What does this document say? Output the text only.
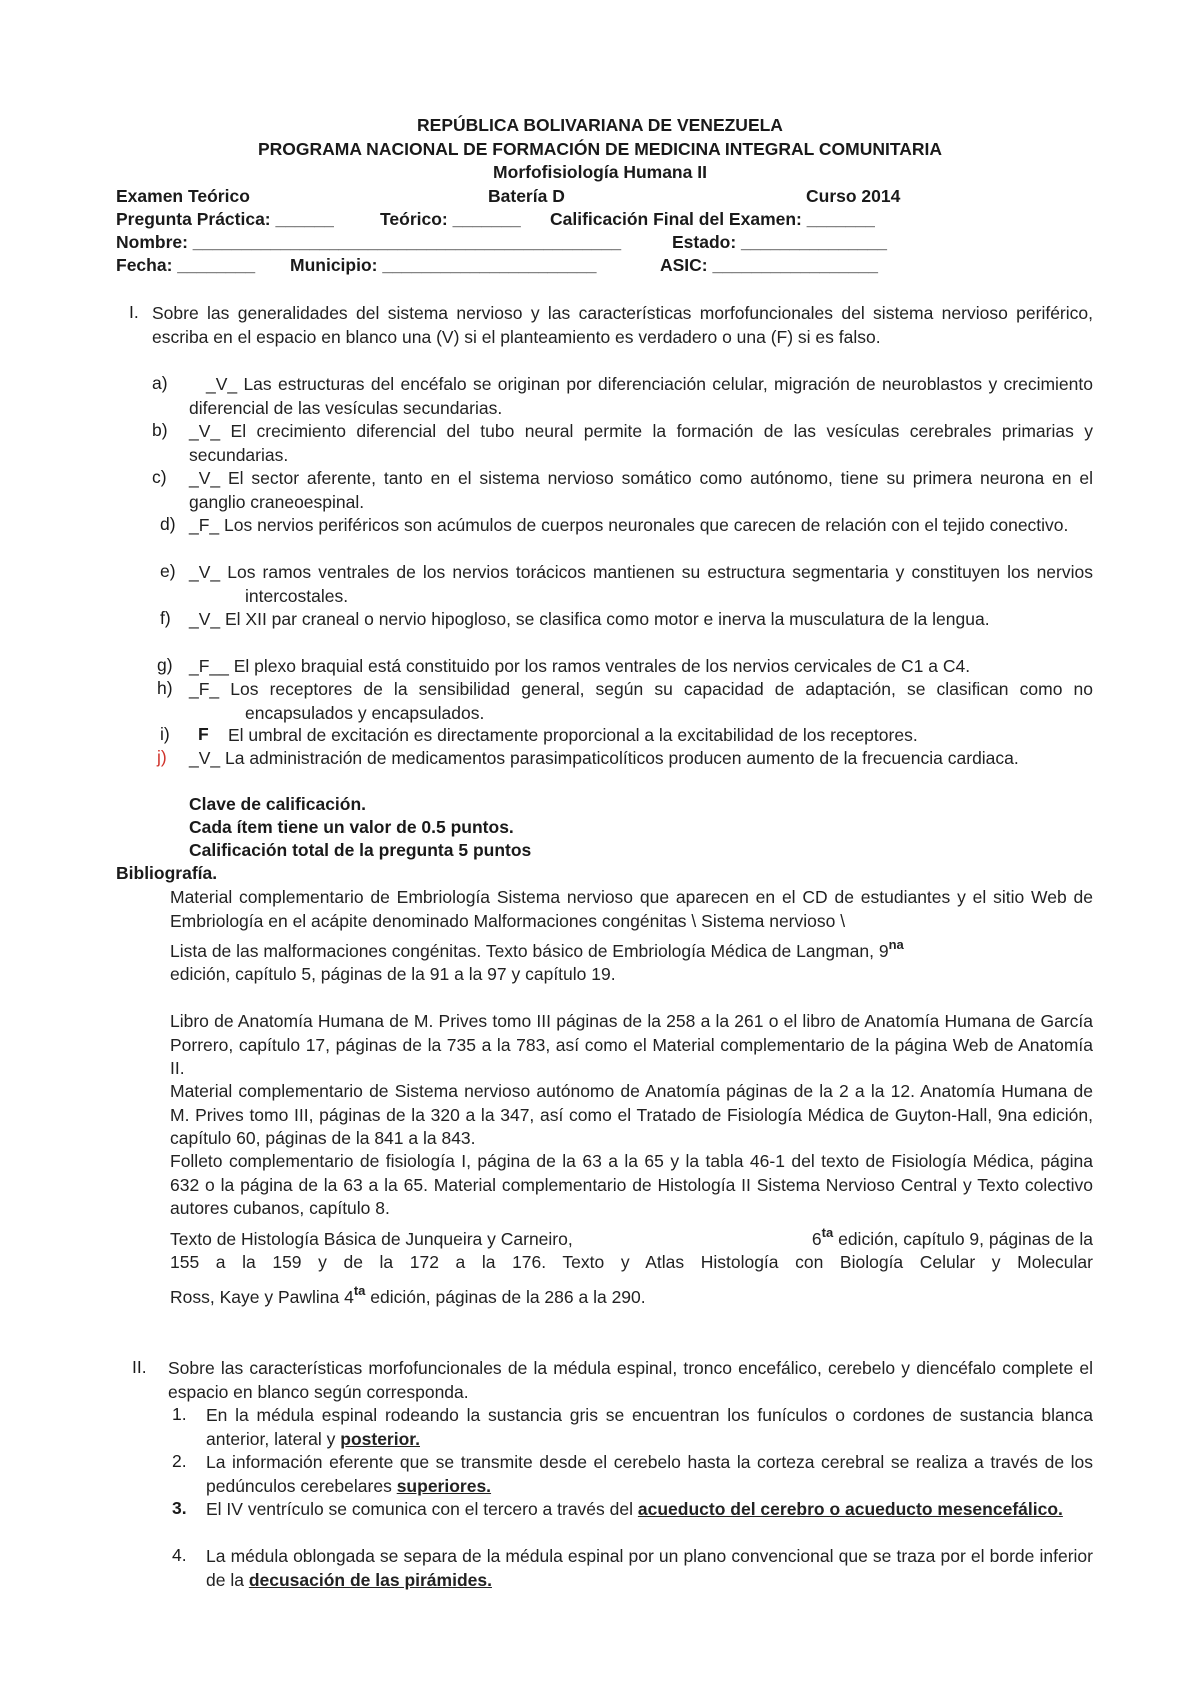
REPÚBLICA BOLIVARIANA DE VENEZUELA
PROGRAMA NACIONAL DE FORMACIÓN DE MEDICINA INTEGRAL COMUNITARIA
Morfofisiología Humana II
Examen Teórico	Batería D	Curso 2014
Pregunta Práctica: ______	Teórico: _______ Calificación Final del Examen: _______
Nombre: ____________________________________________	Estado: _______________
Fecha: ________ Municipio: ______________________	ASIC: _________________
I. Sobre las generalidades del sistema nervioso y las características morfofuncionales del sistema nervioso periférico, escriba en el espacio en blanco una (V) si el planteamiento es verdadero o una (F) si es falso.
a)	_V_ Las estructuras del encéfalo se originan por diferenciación celular, migración de neuroblastos y crecimiento diferencial de las vesículas secundarias.
b) _V_ El crecimiento diferencial del tubo neural permite la formación de las vesículas cerebrales primarias y secundarias.
c) _V_ El sector aferente, tanto en el sistema nervioso somático como autónomo, tiene su primera neurona en el ganglio craneoespinal.
d) _F_ Los nervios periféricos son acúmulos de cuerpos neuronales que carecen de relación con el tejido conectivo.
e) _V_ Los ramos ventrales de los nervios torácicos mantienen su estructura segmentaria y constituyen los nervios intercostales.
f) _V_ El XII par craneal o nervio hipogloso, se clasifica como motor e inerva la musculatura de la lengua.
g) _F__ El plexo braquial está constituido por los ramos ventrales de los nervios cervicales de C1 a C4.
h) _F_ Los receptores de la sensibilidad general, según su capacidad de adaptación, se clasifican como no encapsulados y encapsulados.
i) F El umbral de excitación es directamente proporcional a la excitabilidad de los receptores.
j) _V_ La administración de medicamentos parasimpaticolíticos producen aumento de la frecuencia cardiaca.
Clave de calificación.
Cada ítem tiene un valor de 0.5 puntos.
Calificación total de la pregunta 5 puntos
Bibliografía.
Material complementario de Embriología Sistema nervioso que aparecen en el CD de estudiantes y el sitio Web de Embriología en el acápite denominado Malformaciones congénitas \ Sistema nervioso \
Lista de las malformaciones congénitas. Texto básico de Embriología Médica de Langman, $9^{na}$
edición, capítulo 5, páginas de la 91 a la 97 y capítulo 19.
Libro de Anatomía Humana de M. Prives tomo III páginas de la 258 a la 261 o el libro de Anatomía Humana de García Porrero, capítulo 17, páginas de la 735 a la 783, así como el Material complementario de la página Web de Anatomía II.
Material complementario de Sistema nervioso autónomo de Anatomía páginas de la 2 a la 12. Anatomía Humana de M. Prives tomo III, páginas de la 320 a la 347, así como el Tratado de Fisiología Médica de Guyton-Hall, 9na edición, capítulo 60, páginas de la 841 a la 843.
Folleto complementario de fisiología I, página de la 63 a la 65 y la tabla 46-1 del texto de Fisiología Médica, página 632 o la página de la 63 a la 65. Material complementario de Histología II Sistema Nervioso Central y Texto colectivo autores cubanos, capítulo 8.
Texto de Histología Básica de Junqueira y Carneiro,	$6^{ta}$ edición, capítulo 9, páginas de la
155 a la 159 y de la 172 a la 176. Texto y Atlas Histología con Biología Celular y Molecular
Ross, Kaye y Pawlina $4^{ta}$ edición, páginas de la 286 a la 290.
II. Sobre las características morfofuncionales de la médula espinal, tronco encefálico, cerebelo y diencéfalo complete el espacio en blanco según corresponda.
1. En la médula espinal rodeando la sustancia gris se encuentran los funículos o cordones de sustancia blanca anterior, lateral y posterior.
2. La información eferente que se transmite desde el cerebelo hasta la corteza cerebral se realiza a través de los pedúnculos cerebelares superiores.
3. El IV ventrículo se comunica con el tercero a través del acueducto del cerebro o acueducto mesencefálico.
4. La médula oblongada se separa de la médula espinal por un plano convencional que se traza por el borde inferior de la decusación de las pirámides.
